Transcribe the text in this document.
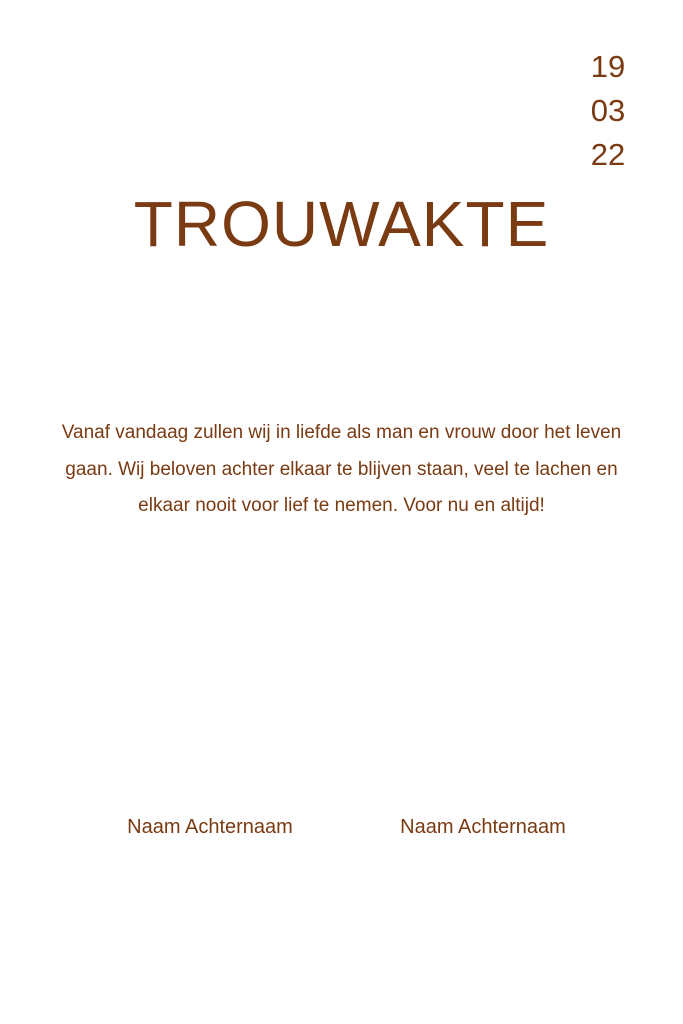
19
03
22
TROUWAKTE

Vanaf vandaag zullen wij in liefde als man en vrouw door het leven gaan. Wij beloven achter elkaar te blijven staan, veel te lachen en elkaar nooit voor lief te nemen. Voor nu en altijd!

Naam Achternaam	Naam Achternaam
